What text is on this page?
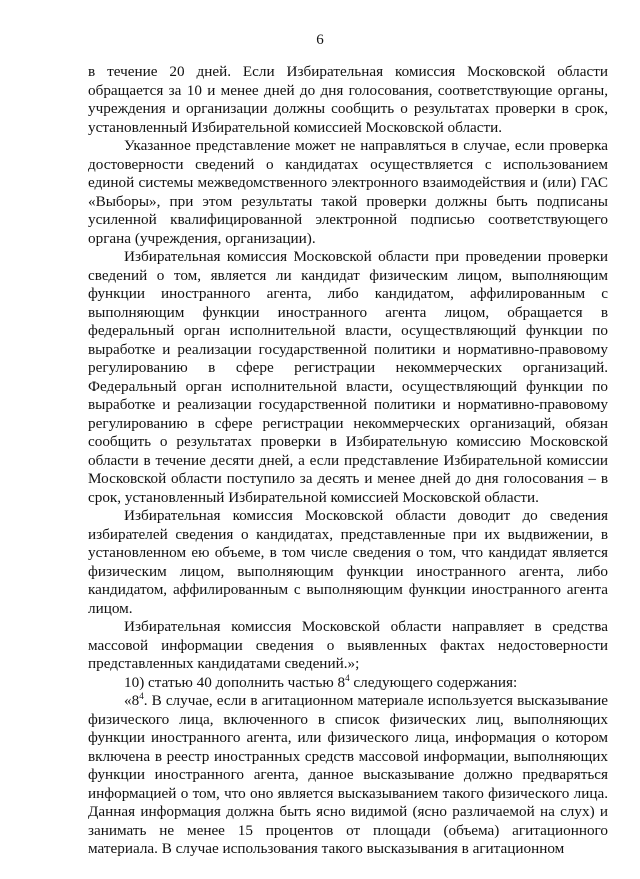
6

в течение 20 дней. Если Избирательная комиссия Московской области обращается за 10 и менее дней до дня голосования, соответствующие органы, учреждения и организации должны сообщить о результатах проверки в срок, установленный Избирательной комиссией Московской области.

Указанное представление может не направляться в случае, если проверка достоверности сведений о кандидатах осуществляется с использованием единой системы межведомственного электронного взаимодействия и (или) ГАС «Выборы», при этом результаты такой проверки должны быть подписаны усиленной квалифицированной электронной подписью соответствующего органа (учреждения, организации).

Избирательная комиссия Московской области при проведении проверки сведений о том, является ли кандидат физическим лицом, выполняющим функции иностранного агента, либо кандидатом, аффилированным с выполняющим функции иностранного агента лицом, обращается в федеральный орган исполнительной власти, осуществляющий функции по выработке и реализации государственной политики и нормативно-правовому регулированию в сфере регистрации некоммерческих организаций. Федеральный орган исполнительной власти, осуществляющий функции по выработке и реализации государственной политики и нормативно-правовому регулированию в сфере регистрации некоммерческих организаций, обязан сообщить о результатах проверки в Избирательную комиссию Московской области в течение десяти дней, а если представление Избирательной комиссии Московской области поступило за десять и менее дней до дня голосования – в срок, установленный Избирательной комиссией Московской области.

Избирательная комиссия Московской области доводит до сведения избирателей сведения о кандидатах, представленные при их выдвижении, в установленном ею объеме, в том числе сведения о том, что кандидат является физическим лицом, выполняющим функции иностранного агента, либо кандидатом, аффилированным с выполняющим функции иностранного агента лицом.

Избирательная комиссия Московской области направляет в средства массовой информации сведения о выявленных фактах недостоверности представленных кандидатами сведений.»;

10) статью 40 дополнить частью $8^4$ следующего содержания:

«$8^4$. В случае, если в агитационном материале используется высказывание физического лица, включенного в список физических лиц, выполняющих функции иностранного агента, или физического лица, информация о котором включена в реестр иностранных средств массовой информации, выполняющих функции иностранного агента, данное высказывание должно предваряться информацией о том, что оно является высказыванием такого физического лица. Данная информация должна быть ясно видимой (ясно различаемой на слух) и занимать не менее 15 процентов от площади (объема) агитационного материала. В случае использования такого высказывания в агитационном
